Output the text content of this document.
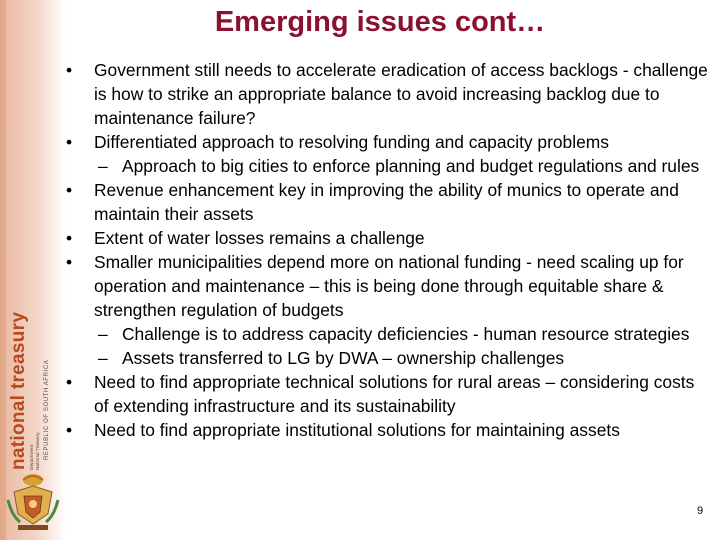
national treasury Department: National Treasury REPUBLIC OF SOUTH AFRICA
Emerging issues cont…
• Government still needs to accelerate eradication of access backlogs - challenge is how to strike an appropriate balance to avoid increasing backlog due to maintenance failure?
• Differentiated approach to resolving funding and capacity problems
– Approach to big cities to enforce planning and budget regulations and rules
• Revenue enhancement key in improving the ability of munics to operate and maintain their assets
• Extent of water losses remains a challenge
• Smaller municipalities depend more on national funding - need scaling up for operation and maintenance – this is being done through equitable share & strengthen regulation of budgets
– Challenge is to address capacity deficiencies - human resource strategies
– Assets transferred to LG by DWA – ownership challenges
• Need to find appropriate technical solutions for rural areas – considering costs of extending infrastructure and its sustainability
• Need to find appropriate institutional solutions for maintaining assets
9
